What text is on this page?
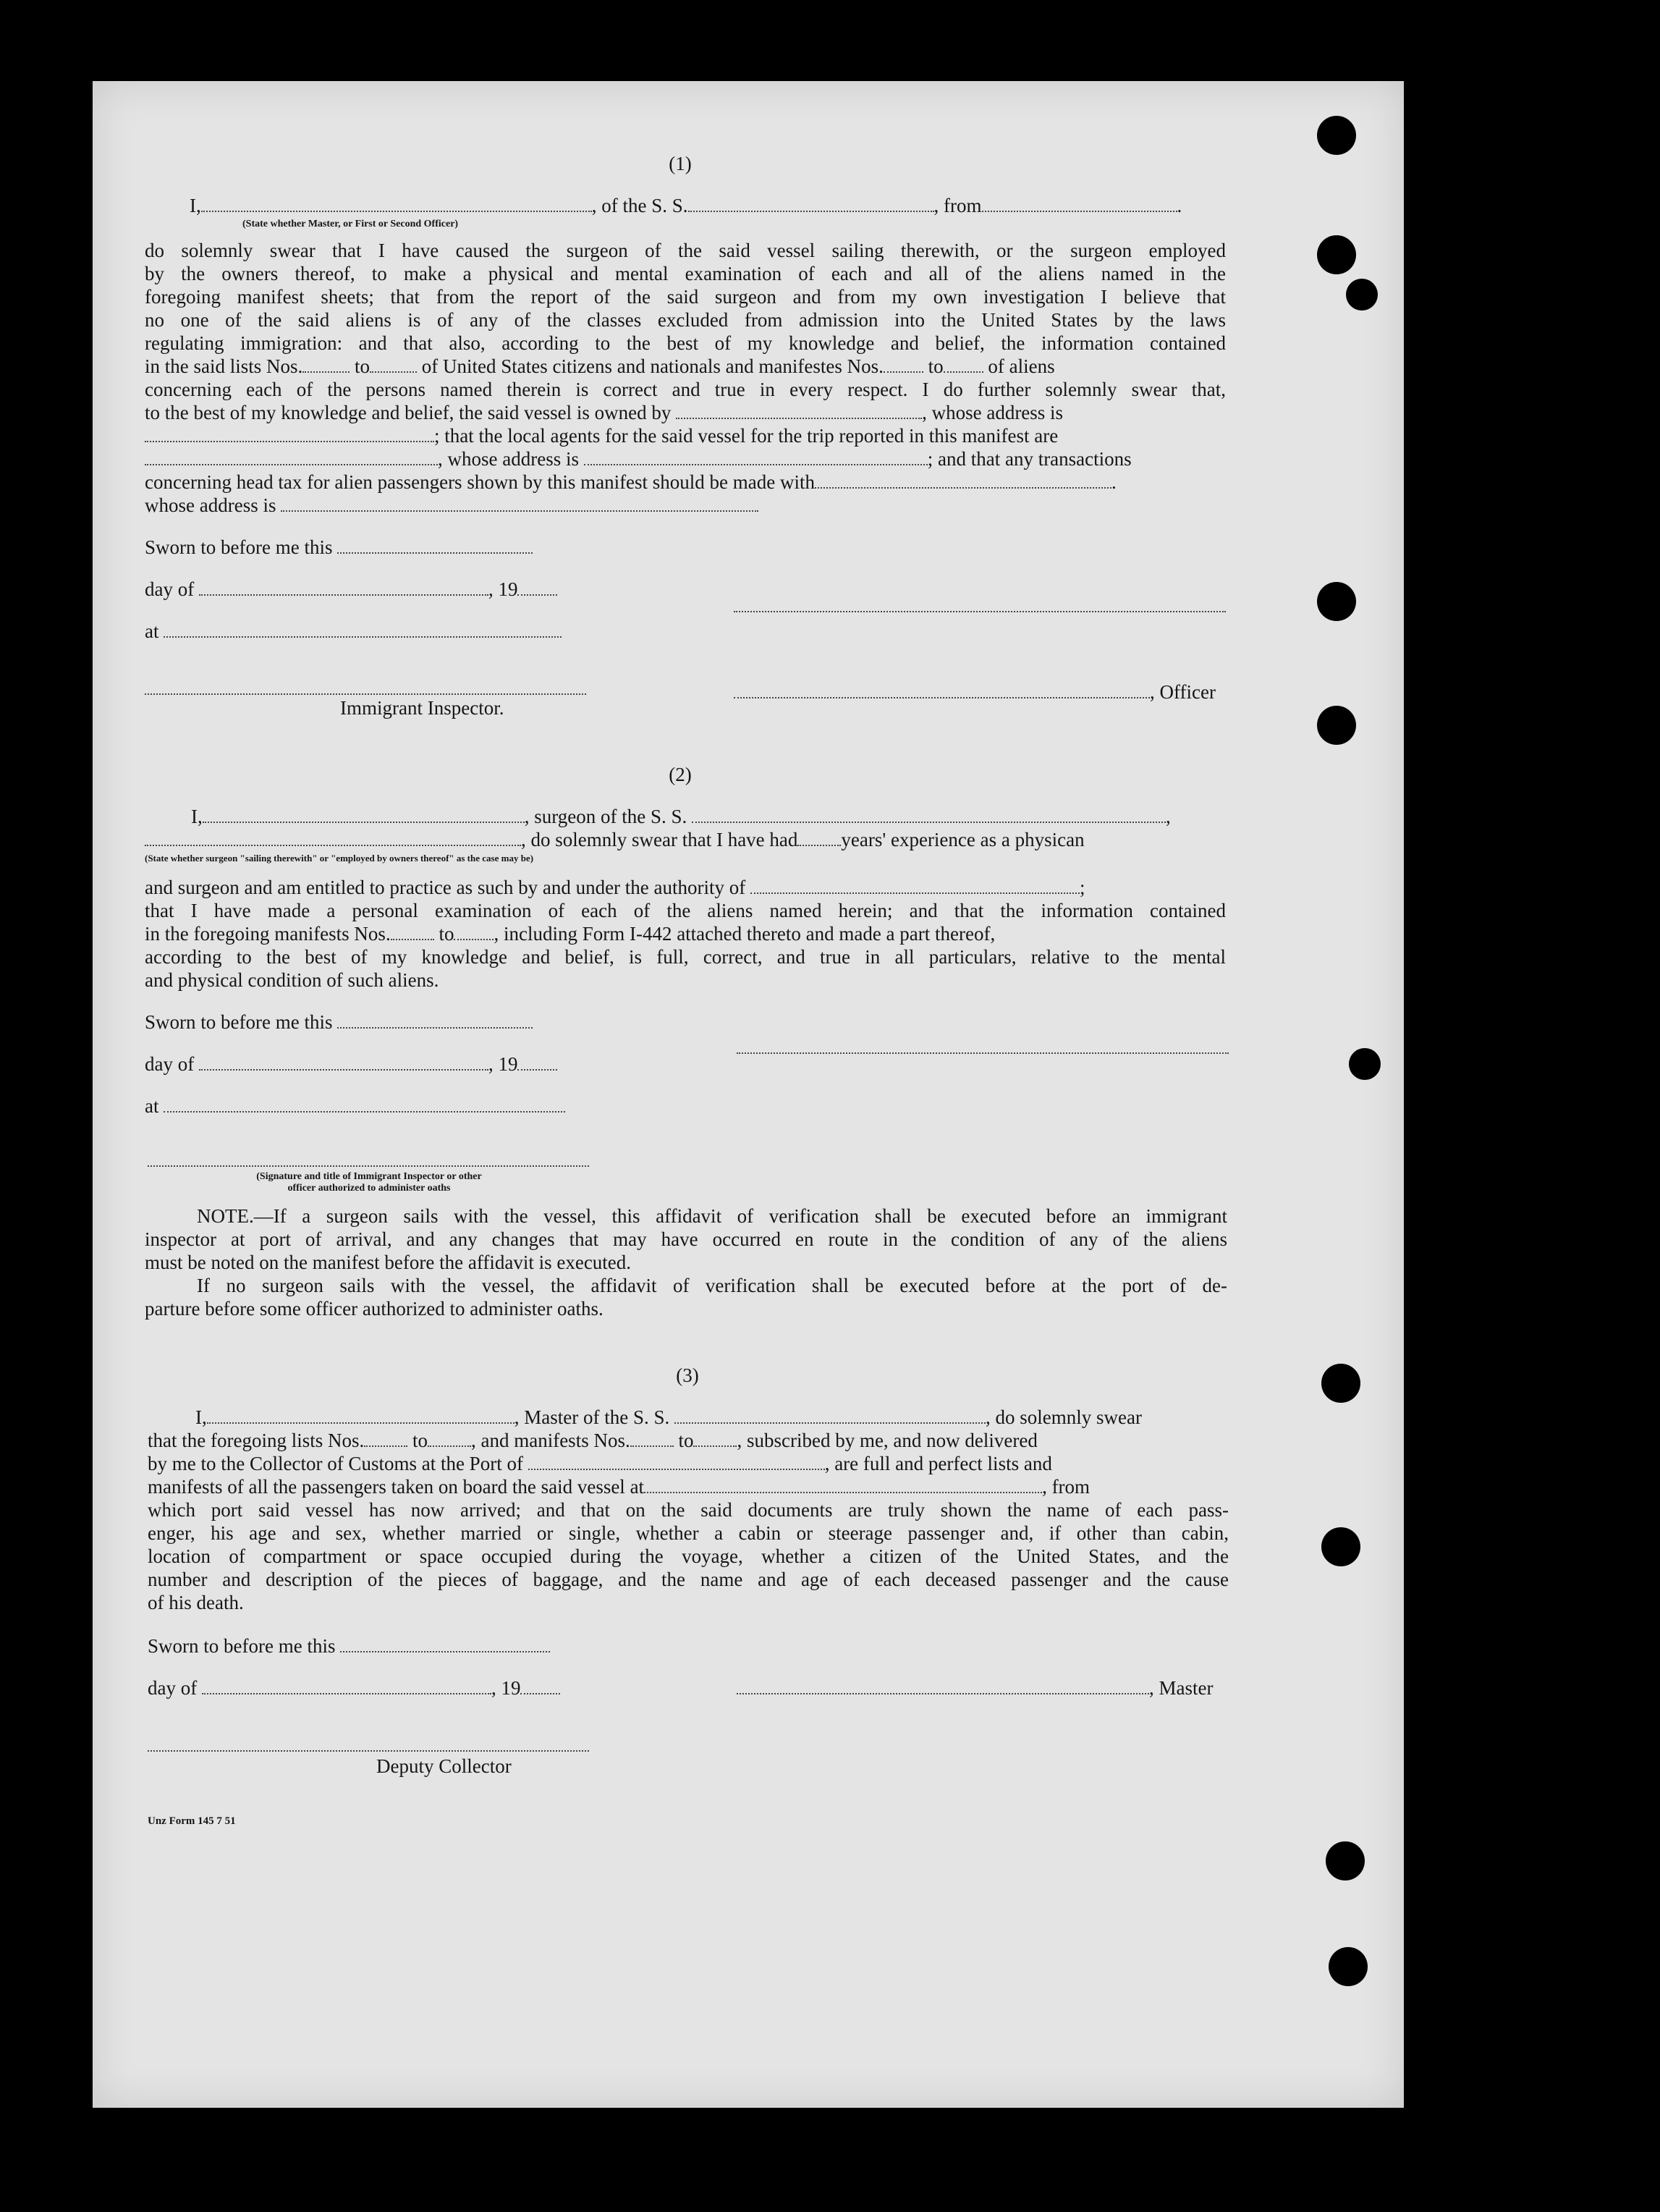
(1)
I,	, of the S. S.	, from	.
(State whether Master, or First or Second Officer)
do solemnly swear that I have caused the surgeon of the said vessel sailing therewith, or the surgeon employed
by the owners thereof, to make a physical and mental examination of each and all of the aliens named in the
foregoing manifest sheets; that from the report of the said surgeon and from my own investigation I believe that
no one of the said aliens is of any of the classes excluded from admission into the United States by the laws
regulating immigration: and that also, according to the best of my knowledge and belief, the information contained
in the said lists Nos.	to	of United States citizens and nationals and manifestes Nos. to of aliens
concerning each of the persons named therein is correct and true in every respect. I do further solemnly swear that,
to the best of my knowledge and belief, the said vessel is owned by	, whose address is
; that the local agents for the said vessel for the trip reported in this manifest are
, whose address is	; and that any transactions
concerning head tax for alien passengers shown by this manifest should be made with	.
whose address is
Sworn to before me this
day of	, 19
at
Immigrant Inspector.
, Officer
(2)
I,	, surgeon of the S. S.	,
, do solemnly swear that I have had years' experience as a physican
(State whether surgeon "sailing therewith" or "employed by owners thereof" as the case may be)
and surgeon and am entitled to practice as such by and under the authority of	;
that I have made a personal examination of each of the aliens named herein; and that the information contained
in the foregoing manifests Nos. to , including Form I-442 attached thereto and made a part thereof,
according to the best of my knowledge and belief, is full, correct, and true in all particulars, relative to the mental
and physical condition of such aliens.
Sworn to before me this
day of	, 19
at
(Signature and title of Immigrant Inspector or other
officer authorized to administer oaths
NOTE.—If a surgeon sails with the vessel, this affidavit of verification shall be executed before an immigrant
inspector at port of arrival, and any changes that may have occurred en route in the condition of any of the aliens
must be noted on the manifest before the affidavit is executed.
If no surgeon sails with the vessel, the affidavit of verification shall be executed before at the port of de-
parture before some officer authorized to administer oaths.
(3)
I,	, Master of the S. S.	, do solemnly swear
that the foregoing lists Nos. to , and manifests Nos. to , subscribed by me, and now delivered
by me to the Collector of Customs at the Port of	, are full and perfect lists and
manifests of all the passengers taken on board the said vessel at	, from
which port said vessel has now arrived; and that on the said documents are truly shown the name of each pass-
enger, his age and sex, whether married or single, whether a cabin or steerage passenger and, if other than cabin,
location of compartment or space occupied during the voyage, whether a citizen of the United States, and the
number and description of the pieces of baggage, and the name and age of each deceased passenger and the cause
of his death.
Sworn to before me this
day of	, 19	, Master
Deputy Collector
Unz Form 145 7 51
